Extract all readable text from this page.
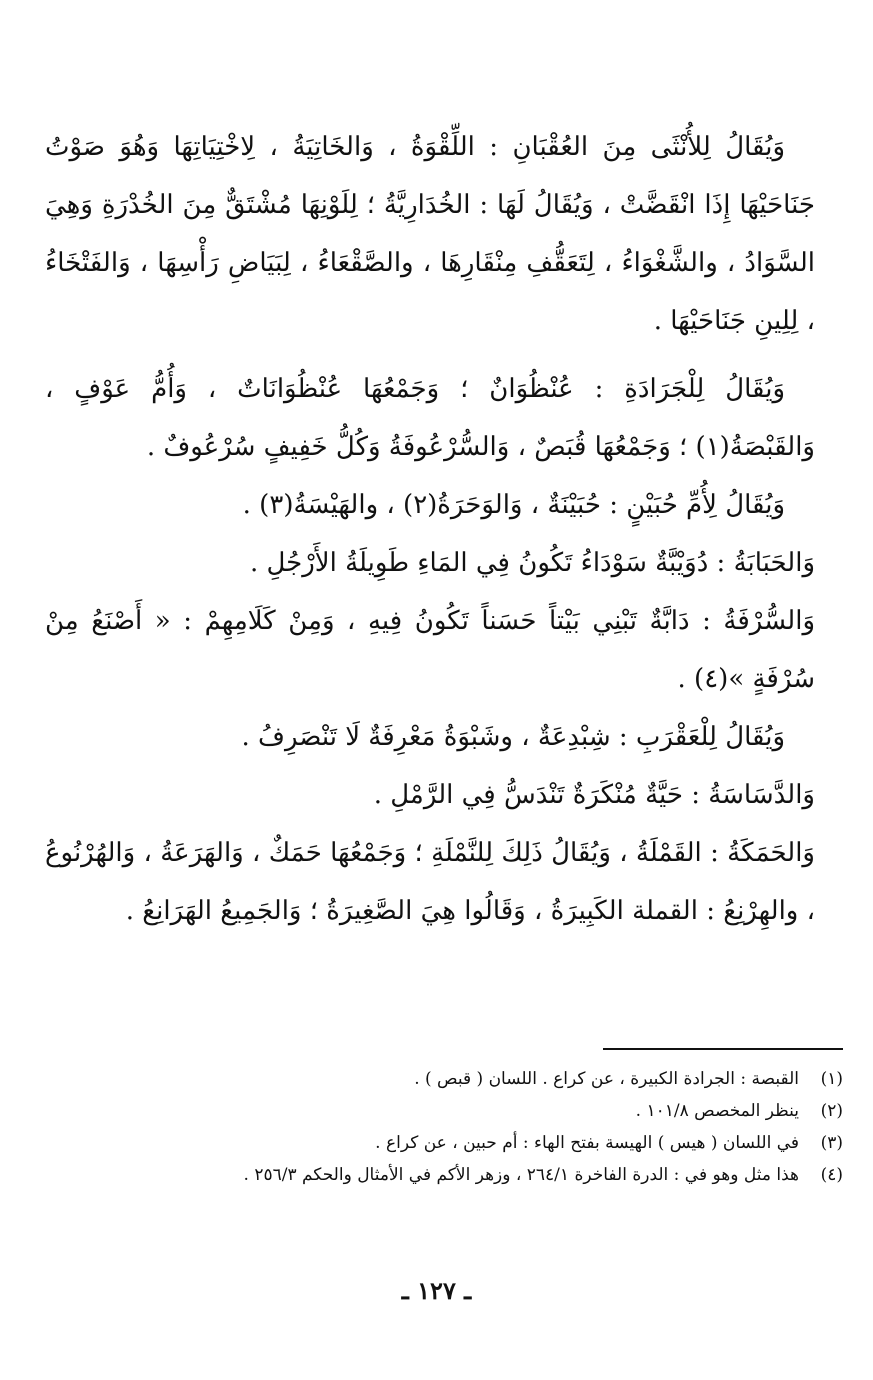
وَيُقَالُ لِلأُنْثَى مِنَ العُقْبَانِ : اللِّقْوَةُ ، وَالخَاتِيَةُ ، لِاخْتِيَاتِهَا وَهُوَ صَوْتُ جَنَاحَيْهَا إِذَا انْقَضَّتْ ، وَيُقَالُ لَهَا : الخُدَارِيَّةُ ؛ لِلَوْنِهَا مُشْتَقٌّ مِنَ الخُدْرَةِ وَهِيَ السَّوَادُ ، والشَّغْوَاءُ ، لِتَعَقُّفِ مِنْقَارِهَا ، والصَّقْعَاءُ ، لِبَيَاضِ رَأْسِهَا ، وَالفَتْخَاءُ ، لِلِينِ جَنَاحَيْهَا .

وَيُقَالُ لِلْجَرَادَةِ : عُنْظُوَانٌ ؛ وَجَمْعُهَا عُنْظُوَانَاتٌ ، وَأُمُّ عَوْفٍ ، وَالقَبْصَةُ(١) ؛ وَجَمْعُهَا قُبَصٌ ، وَالسُّرْعُوفَةُ وَكُلُّ خَفِيفٍ سُرْعُوفٌ .

وَيُقَالُ لِأُمِّ حُبَيْنٍ : حُبَيْنَةٌ ، وَالوَحَرَةُ(٢) ، والهَيْسَةُ(٣) .

وَالحَبَابَةُ : دُوَيْبَّةٌ سَوْدَاءُ تَكُونُ فِي المَاءِ طَوِيلَةُ الأَرْجُلِ .

وَالسُّرْفَةُ : دَابَّةٌ تَبْنِي بَيْتاً حَسَناً تَكُونُ فِيهِ ، وَمِنْ كَلَامِهِمْ : « أَصْنَعُ مِنْ سُرْفَةٍ »(٤) .

وَيُقَالُ لِلْعَقْرَبِ : شِبْدِعَةٌ ، وشَبْوَةُ مَعْرِفَةٌ لَا تَنْصَرِفُ .

وَالدَّسَاسَةُ : حَيَّةٌ مُنْكَرَةٌ تَنْدَسُّ فِي الرَّمْلِ .

وَالحَمَكَةُ : القَمْلَةُ ، وَيُقَالُ ذَلِكَ لِلنَّمْلَةِ ؛ وَجَمْعُهَا حَمَكٌ ، وَالهَرَعَةُ ، وَالهُرْنُوعُ ، والهِرْنِعُ : القملة الكَبِيرَةُ ، وَقَالُوا هِيَ الصَّغِيرَةُ ؛ وَالجَمِيعُ الهَرَانِعُ .

(١)
القبصة : الجرادة الكبيرة ، عن كراع . اللسان ( قبص ) .
(٢)
ينظر المخصص ١٠١/٨ .
(٣)
في اللسان ( هيس ) الهيسة بفتح الهاء : أم حبين ، عن كراع .
(٤)
هذا مثل وهو في : الدرة الفاخرة ٢٦٤/١ ، وزهر الأكم في الأمثال والحكم ٢٥٦/٣ .
ـ ١٢٧ ـ
